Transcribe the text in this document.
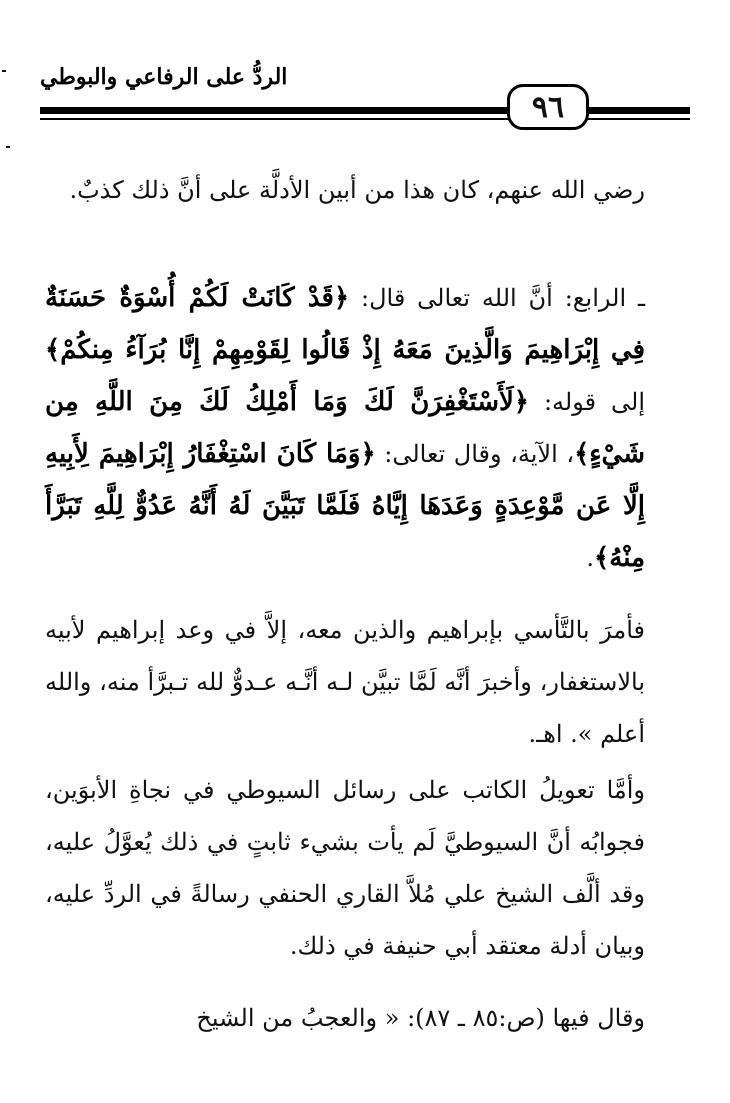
الردُّ على الرفاعي والبوطي
٩٦

رضي الله عنهم، كان هذا من أبين الأدلَّة على أنَّ ذلك كذبٌ.

ـ الرابع: أنَّ الله تعالى قال: ﴿قَدْ كَانَتْ لَكُمْ أُسْوَةٌ حَسَنَةٌ فِي إِبْرَاهِيمَ وَالَّذِينَ مَعَهُ إِذْ قَالُوا لِقَوْمِهِمْ إِنَّا بُرَآءُ مِنكُمْ﴾ إلى قوله: ﴿لَأَسْتَغْفِرَنَّ لَكَ وَمَا أَمْلِكُ لَكَ مِنَ اللَّهِ مِن شَيْءٍ﴾، الآية، وقال تعالى: ﴿وَمَا كَانَ اسْتِغْفَارُ إِبْرَاهِيمَ لِأَبِيهِ إِلَّا عَن مَّوْعِدَةٍ وَعَدَهَا إِيَّاهُ فَلَمَّا تَبَيَّنَ لَهُ أَنَّهُ عَدُوٌّ لِلَّهِ تَبَرَّأَ مِنْهُ﴾.

فأمرَ بالتَّأسي بإبراهيم والذين معه، إلاَّ في وعد إبراهيم لأبيه بالاستغفار، وأخبرَ أنَّه لَمَّا تبيَّن لـه أنَّـه عـدوٌّ لله تـبرَّأ منه، والله أعلم ». اهـ.

وأمَّا تعويلُ الكاتب على رسائل السيوطي في نجاةِ الأبوَين، فجوابُه أنَّ السيوطيَّ لَم يأت بشيء ثابتٍ في ذلك يُعوَّلُ عليه، وقد ألَّف الشيخ علي مُلاَّ القاري الحنفي رسالةً في الردِّ عليه، وبيان أدلة معتقد أبي حنيفة في ذلك.

وقال فيها (ص:٨٥ ـ ٨٧): « والعجبُ من الشيخ
